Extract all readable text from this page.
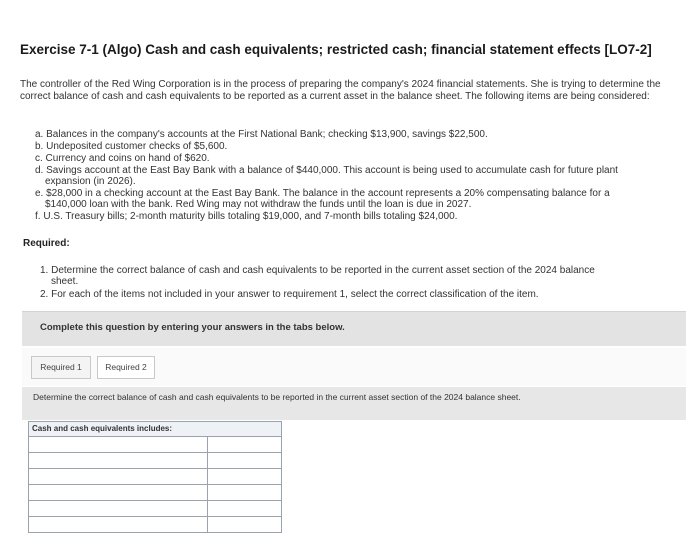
Exercise 7-1 (Algo) Cash and cash equivalents; restricted cash; financial statement effects [LO7-2]
The controller of the Red Wing Corporation is in the process of preparing the company's 2024 financial statements. She is trying to determine the correct balance of cash and cash equivalents to be reported as a current asset in the balance sheet. The following items are being considered:
a. Balances in the company's accounts at the First National Bank; checking $13,900, savings $22,500.
b. Undeposited customer checks of $5,600.
c. Currency and coins on hand of $620.
d. Savings account at the East Bay Bank with a balance of $440,000. This account is being used to accumulate cash for future plant
expansion (in 2026).
e. $28,000 in a checking account at the East Bay Bank. The balance in the account represents a 20% compensating balance for a
$140,000 loan with the bank. Red Wing may not withdraw the funds until the loan is due in 2027.
f. U.S. Treasury bills; 2-month maturity bills totaling $19,000, and 7-month bills totaling $24,000.
Required:
1. Determine the correct balance of cash and cash equivalents to be reported in the current asset section of the 2024 balance
sheet.
2. For each of the items not included in your answer to requirement 1, select the correct classification of the item.
Complete this question by entering your answers in the tabs below.
Required 1	Required 2
Determine the correct balance of cash and cash equivalents to be reported in the current asset section of the 2024 balance sheet.
Cash and cash equivalents includes:
